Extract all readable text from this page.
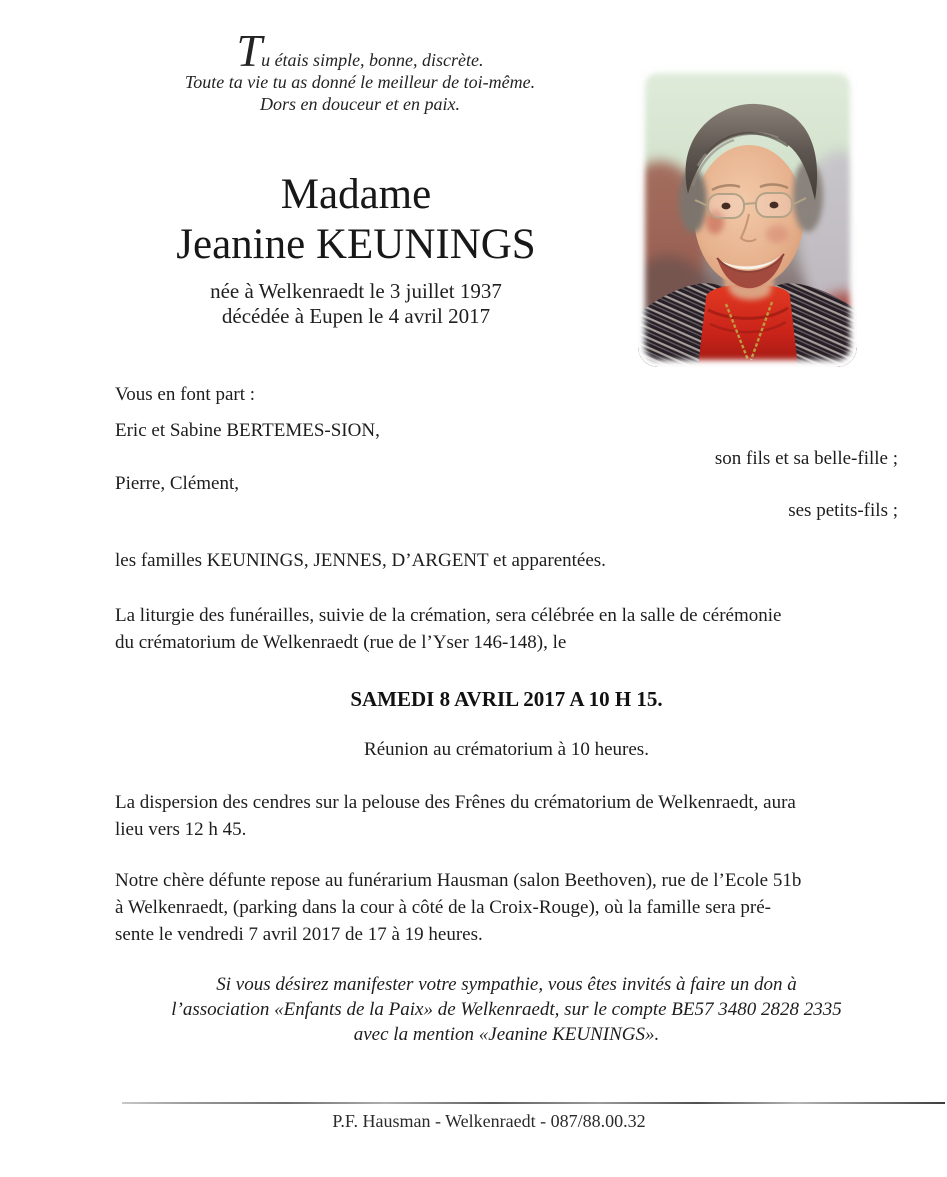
Tu étais simple, bonne, discrète.
Toute ta vie tu as donné le meilleur de toi-même.
Dors en douceur et en paix.
Madame
Jeanine KEUNINGS
née à Welkenraedt le 3 juillet 1937
décédée à Eupen le 4 avril 2017
Vous en font part :
Eric et Sabine BERTEMES-SION,
son fils et sa belle-fille ;
Pierre, Clément,
ses petits-fils ;
les familles KEUNINGS, JENNES, D’ARGENT et apparentées.
La liturgie des funérailles, suivie de la crémation, sera célébrée en la salle de cérémonie
du crématorium de Welkenraedt (rue de l’Yser 146-148), le
SAMEDI 8 AVRIL 2017 A 10 H 15.
Réunion au crématorium à 10 heures.
La dispersion des cendres sur la pelouse des Frênes du crématorium de Welkenraedt, aura
lieu vers 12 h 45.
Notre chère défunte repose au funérarium Hausman (salon Beethoven), rue de l’Ecole 51b
à Welkenraedt, (parking dans la cour à côté de la Croix-Rouge), où la famille sera pré-
sente le vendredi 7 avril 2017 de 17 à 19 heures.
Si vous désirez manifester votre sympathie, vous êtes invités à faire un don à
l’association «Enfants de la Paix» de Welkenraedt, sur le compte BE57 3480 2828 2335
avec la mention «Jeanine KEUNINGS».
P.F. Hausman - Welkenraedt - 087/88.00.32
